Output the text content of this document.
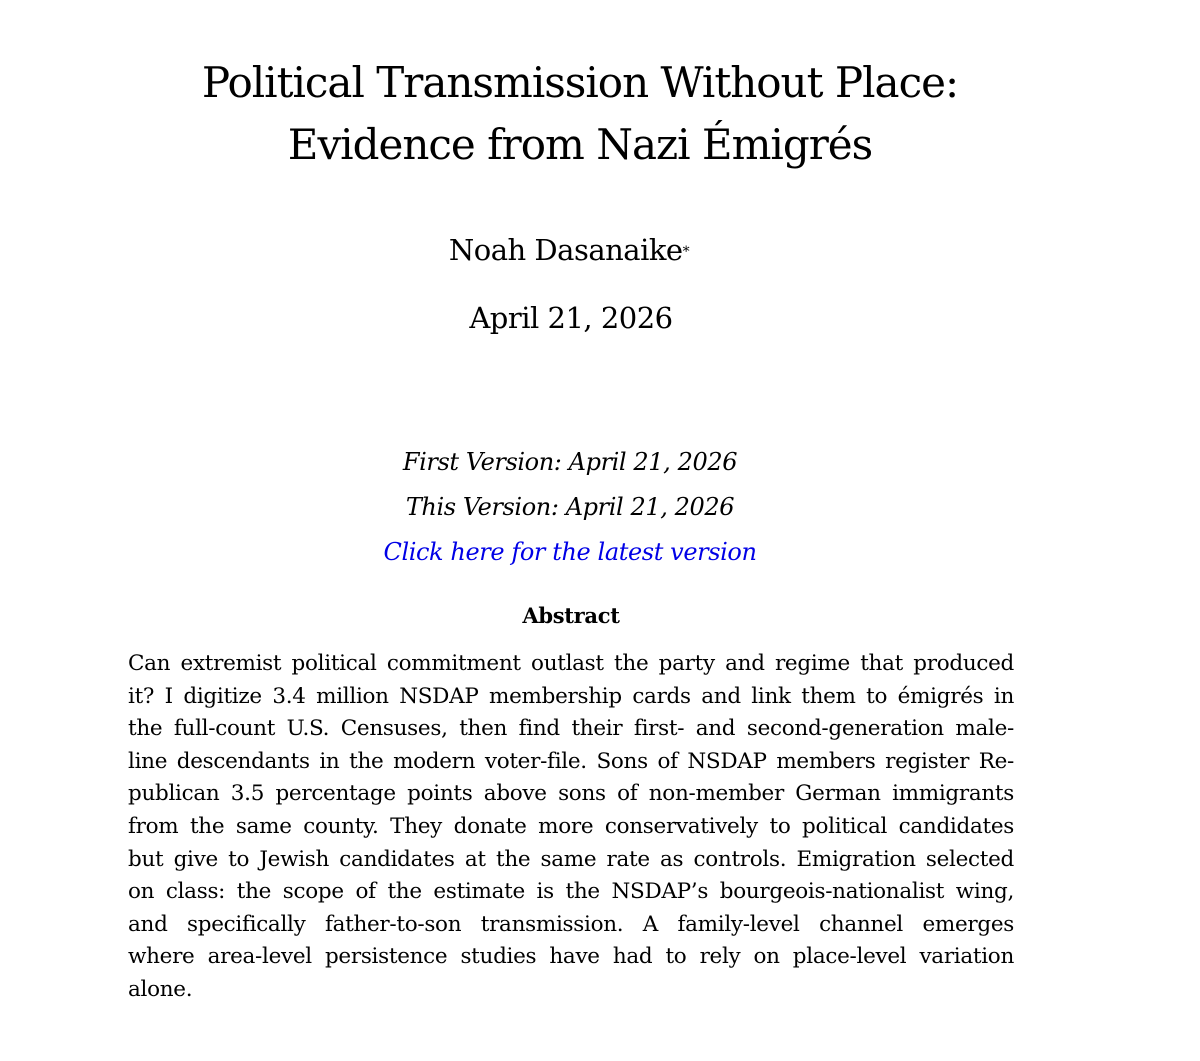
Political Transmission Without Place:
Evidence from Nazi Émigrés
Noah Dasanaike*
April 21, 2026
First Version: April 21, 2026
This Version: April 21, 2026
Click here for the latest version
Abstract
Can extremist political commitment outlast the party and regime that produced
it? I digitize 3.4 million NSDAP membership cards and link them to émigrés in
the full-count U.S. Censuses, then find their first- and second-generation male-
line descendants in the modern voter-file. Sons of NSDAP members register Re-
publican 3.5 percentage points above sons of non-member German immigrants
from the same county. They donate more conservatively to political candidates
but give to Jewish candidates at the same rate as controls. Emigration selected
on class: the scope of the estimate is the NSDAP’s bourgeois-nationalist wing,
and specifically father-to-son transmission. A family-level channel emerges
where area-level persistence studies have had to rely on place-level variation
alone.
